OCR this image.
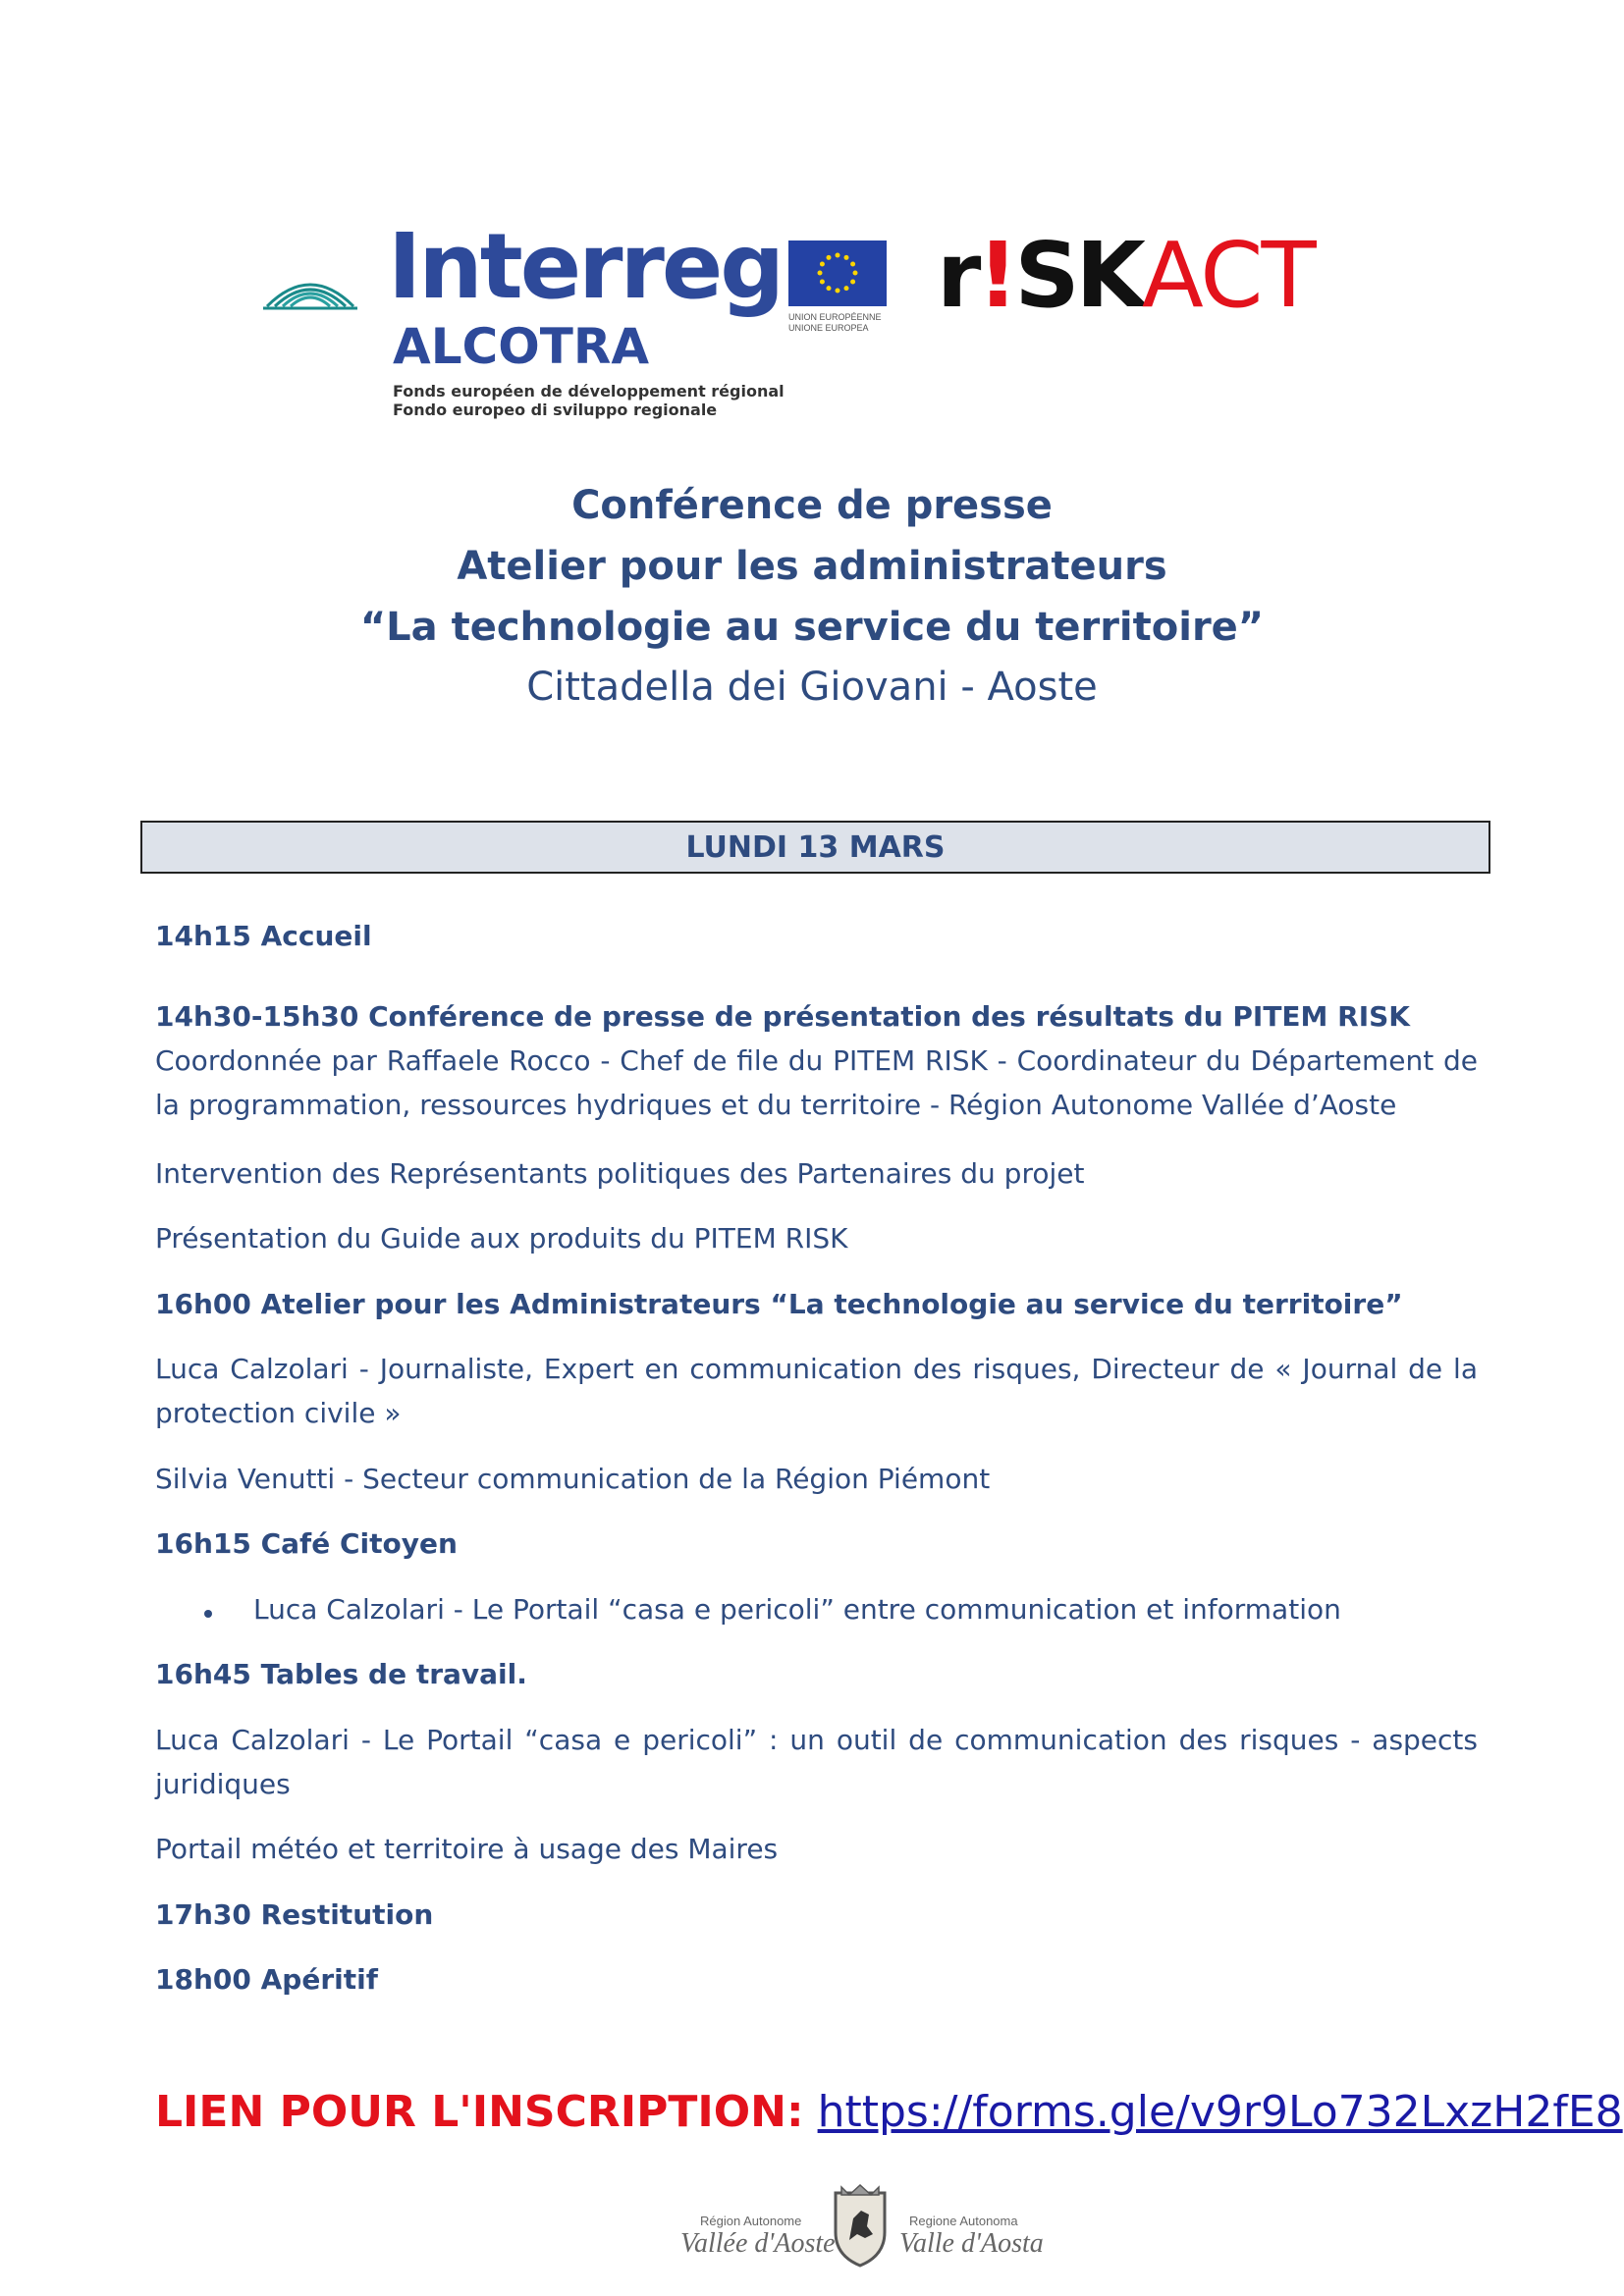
Interreg
ALCOTRA
Fonds européen de développement régional
Fondo europeo di sviluppo regionale
UNION EUROPÉENNE
UNIONE EUROPEA r!SKACT
Conférence de presse
Atelier pour les administrateurs
“La technologie au service du territoire”
Cittadella dei Giovani - Aoste
LUNDI 13 MARS
14h15 Accueil
14h30-15h30 Conférence de presse de présentation des résultats du PITEM RISK
Coordonnée par Raffaele Rocco - Chef de file du PITEM RISK - Coordinateur du Département de la programmation, ressources hydriques et du territoire - Région Autonome Vallée d’Aoste
Intervention des Représentants politiques des Partenaires du projet
Présentation du Guide aux produits du PITEM RISK
16h00 Atelier pour les Administrateurs “La technologie au service du territoire”
Luca Calzolari - Journaliste, Expert en communication des risques, Directeur de « Journal de la protection civile »
Silvia Venutti - Secteur communication de la Région Piémont
16h15 Café Citoyen
Luca Calzolari - Le Portail “casa e pericoli” entre communication et information
16h45 Tables de travail.
Luca Calzolari - Le Portail “casa e pericoli” : un outil de communication des risques - aspects juridiques
Portail météo et territoire à usage des Maires
17h30 Restitution
18h00 Apéritif
LIEN POUR L'INSCRIPTION: https://forms.gle/v9r9Lo732LxzH2fE8
Région Autonome
Vallée d'Aoste
Regione Autonoma
Valle d'Aosta
